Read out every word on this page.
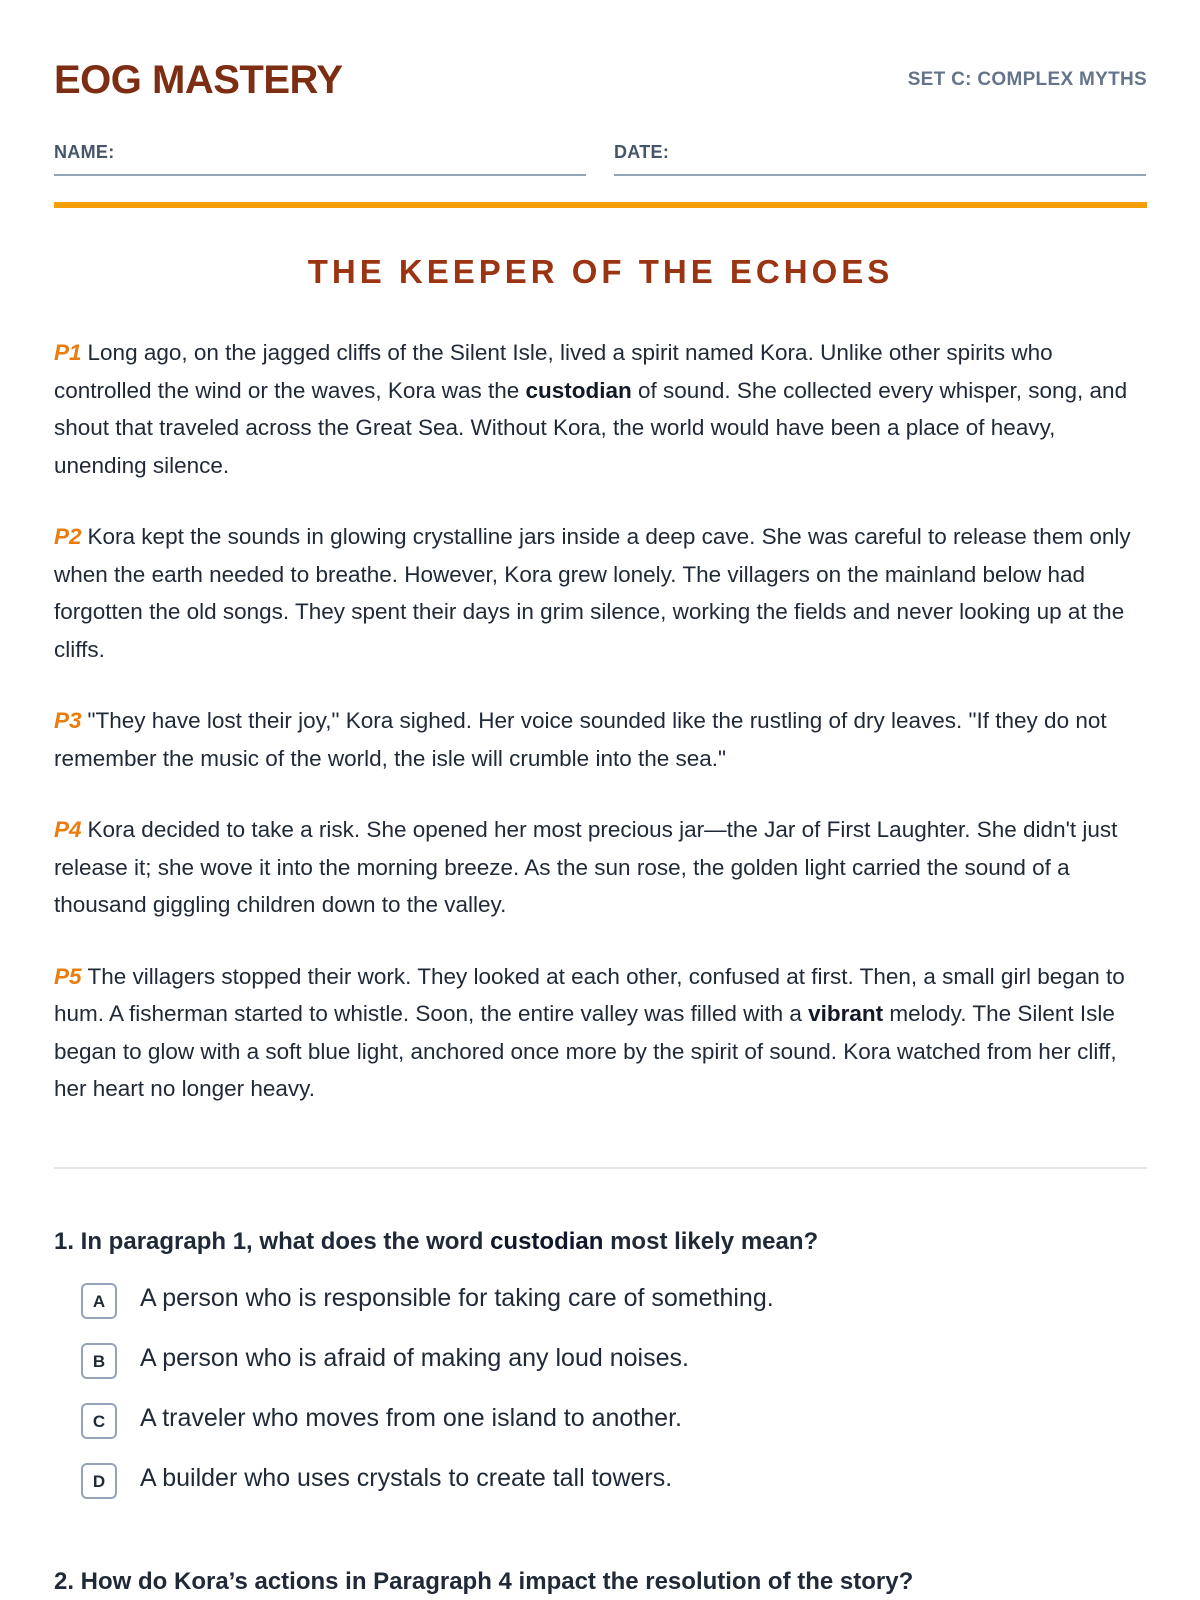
EOG MASTERY	SET C: COMPLEX MYTHS
NAME:	DATE:
THE KEEPER OF THE ECHOES

P1 Long ago, on the jagged cliffs of the Silent Isle, lived a spirit named Kora. Unlike other spirits who controlled the wind or the waves, Kora was the custodian of sound. She collected every whisper, song, and shout that traveled across the Great Sea. Without Kora, the world would have been a place of heavy, unending silence.

P2 Kora kept the sounds in glowing crystalline jars inside a deep cave. She was careful to release them only when the earth needed to breathe. However, Kora grew lonely. The villagers on the mainland below had forgotten the old songs. They spent their days in grim silence, working the fields and never looking up at the cliffs.

P3 "They have lost their joy," Kora sighed. Her voice sounded like the rustling of dry leaves. "If they do not remember the music of the world, the isle will crumble into the sea."

P4 Kora decided to take a risk. She opened her most precious jar—the Jar of First Laughter. She didn't just release it; she wove it into the morning breeze. As the sun rose, the golden light carried the sound of a thousand giggling children down to the valley.

P5 The villagers stopped their work. They looked at each other, confused at first. Then, a small girl began to hum. A fisherman started to whistle. Soon, the entire valley was filled with a vibrant melody. The Silent Isle began to glow with a soft blue light, anchored once more by the spirit of sound. Kora watched from her cliff, her heart no longer heavy.

1. In paragraph 1, what does the word custodian most likely mean?

A	A person who is responsible for taking care of something.
B	A person who is afraid of making any loud noises.
C	A traveler who moves from one island to another.
D	A builder who uses crystals to create tall towers.
2. How do Kora’s actions in Paragraph 4 impact the resolution of the story?
